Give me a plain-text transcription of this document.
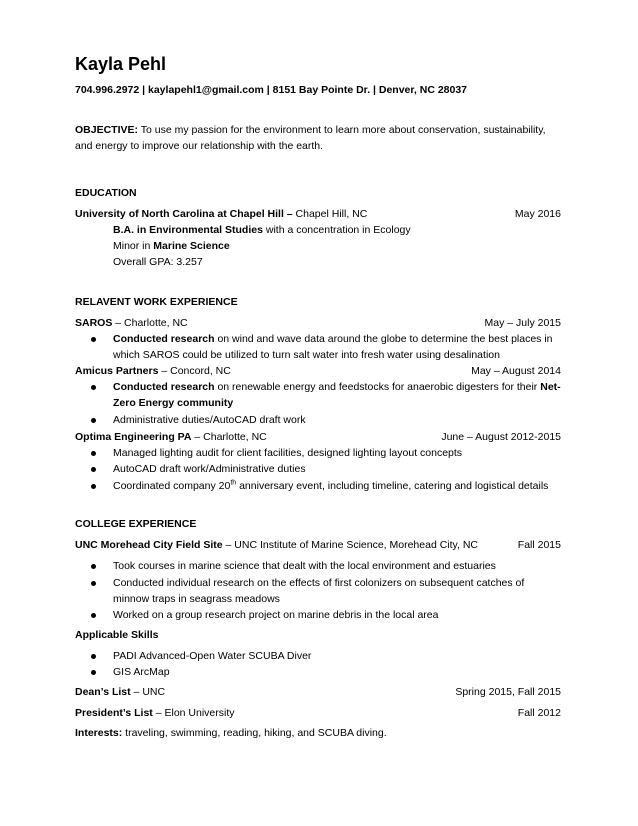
Kayla Pehl
704.996.2972 | kaylapehl1@gmail.com | 8151 Bay Pointe Dr. | Denver, NC 28037
OBJECTIVE: To use my passion for the environment to learn more about conservation, sustainability,
and energy to improve our relationship with the earth.
EDUCATION
University of North Carolina at Chapel Hill – Chapel Hill, NC	May 2016
B.A. in Environmental Studies with a concentration in Ecology
Minor in Marine Science
Overall GPA: 3.257
RELAVENT WORK EXPERIENCE
SAROS – Charlotte, NC	May – July 2015
Conducted research on wind and wave data around the globe to determine the best places in
which SAROS could be utilized to turn salt water into fresh water using desalination
Amicus Partners – Concord, NC	May – August 2014
Conducted research on renewable energy and feedstocks for anaerobic digesters for their Net-
Zero Energy community
Administrative duties/AutoCAD draft work
Optima Engineering PA – Charlotte, NC	June – August 2012-2015
Managed lighting audit for client facilities, designed lighting layout concepts
AutoCAD draft work/Administrative duties
Coordinated company 20th anniversary event, including timeline, catering and logistical details
COLLEGE EXPERIENCE
UNC Morehead City Field Site – UNC Institute of Marine Science, Morehead City, NC	Fall 2015
Took courses in marine science that dealt with the local environment and estuaries
Conducted individual research on the effects of first colonizers on subsequent catches of
minnow traps in seagrass meadows
Worked on a group research project on marine debris in the local area
Applicable Skills
PADI Advanced-Open Water SCUBA Diver
GIS ArcMap
Dean’s List – UNC	Spring 2015, Fall 2015
President’s List – Elon University	Fall 2012
Interests: traveling, swimming, reading, hiking, and SCUBA diving.
